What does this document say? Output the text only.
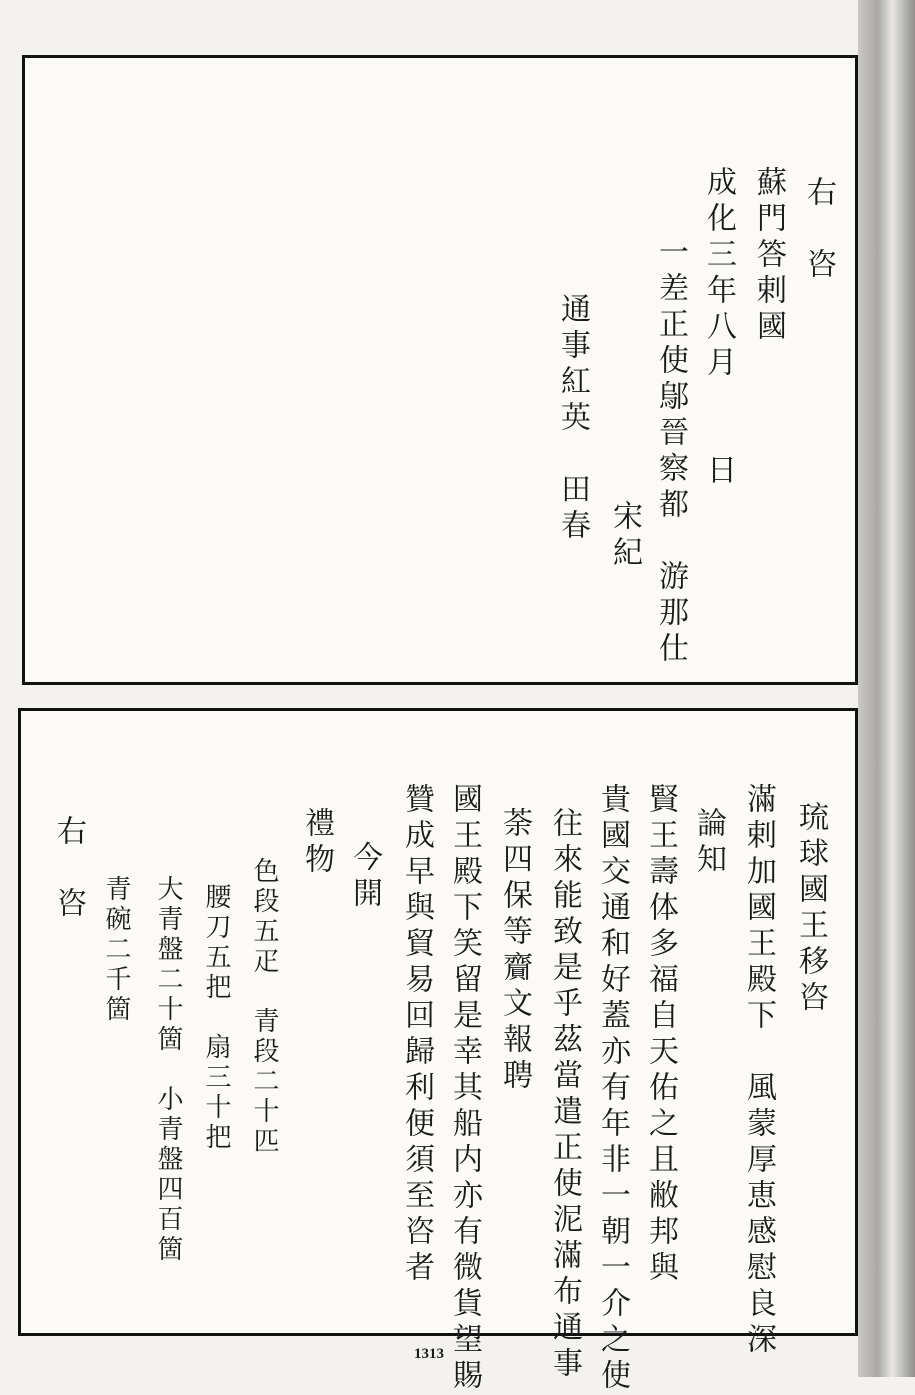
右　咨
蘇門答剌國
成化三年八月　　日
一差正使鄔晉察都　游那仕
宋紀
通事紅英　田春
琉球國王移咨
滿剌加國王殿下　風蒙厚恵感慰良深
論知
賢王壽体多福自天佑之且敝邦與
貴國交通和好蓋亦有年非一朝一介之使
往來能致是乎茲當遣正使泥滿布通事
荼四保等齎文報聘
國王殿下笑留是幸其船内亦有微貨望賜
贊成早與貿易回歸利便須至咨者
今開
禮物
色段五疋　青段二十匹
腰刀五把　扇三十把
大青盤二十箇　小青盤四百箇
青碗二千箇
右　咨
1313
